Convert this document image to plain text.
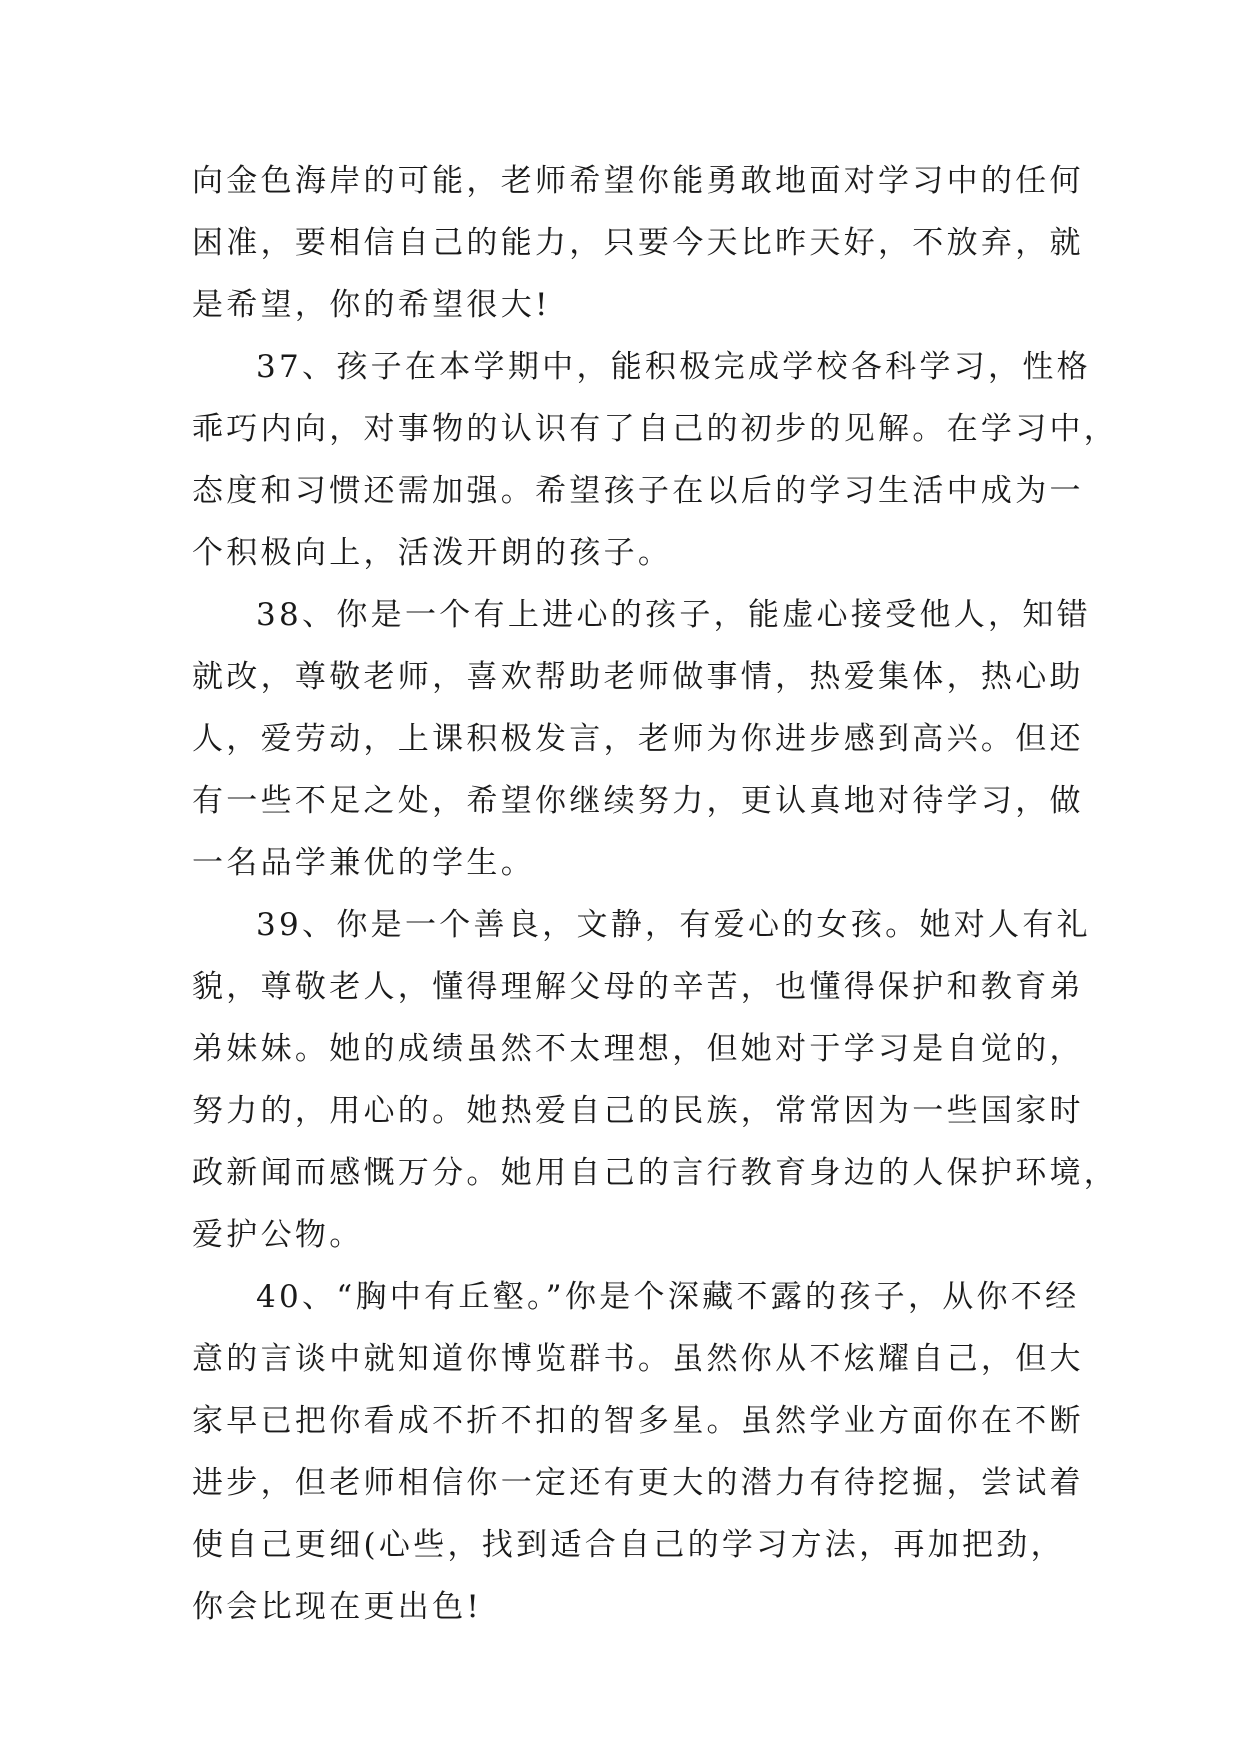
向金色海岸的可能，老师希望你能勇敢地面对学习中的任何
困准，要相信自己的能力，只要今天比昨天好，不放弃，就
是希望，你的希望很大!
37、孩子在本学期中，能积极完成学校各科学习，性格
乖巧内向，对事物的认识有了自己的初步的见解。在学习中，
态度和习惯还需加强。希望孩子在以后的学习生活中成为一
个积极向上，活泼开朗的孩子。
38、你是一个有上进心的孩子，能虚心接受他人，知错
就改，尊敬老师，喜欢帮助老师做事情，热爱集体，热心助
人，爱劳动，上课积极发言，老师为你进步感到高兴。但还
有一些不足之处，希望你继续努力，更认真地对待学习，做
一名品学兼优的学生。
39、你是一个善良，文静，有爱心的女孩。她对人有礼
貌，尊敬老人，懂得理解父母的辛苦，也懂得保护和教育弟
弟妹妹。她的成绩虽然不太理想，但她对于学习是自觉的，
努力的，用心的。她热爱自己的民族，常常因为一些国家时
政新闻而感慨万分。她用自己的言行教育身边的人保护环境，
爱护公物。
40、“胸中有丘壑。”你是个深藏不露的孩子，从你不经
意的言谈中就知道你博览群书。虽然你从不炫耀自己，但大
家早已把你看成不折不扣的智多星。虽然学业方面你在不断
进步，但老师相信你一定还有更大的潜力有待挖掘，尝试着
使自己更细(心些，找到适合自己的学习方法，再加把劲，
你会比现在更出色!
